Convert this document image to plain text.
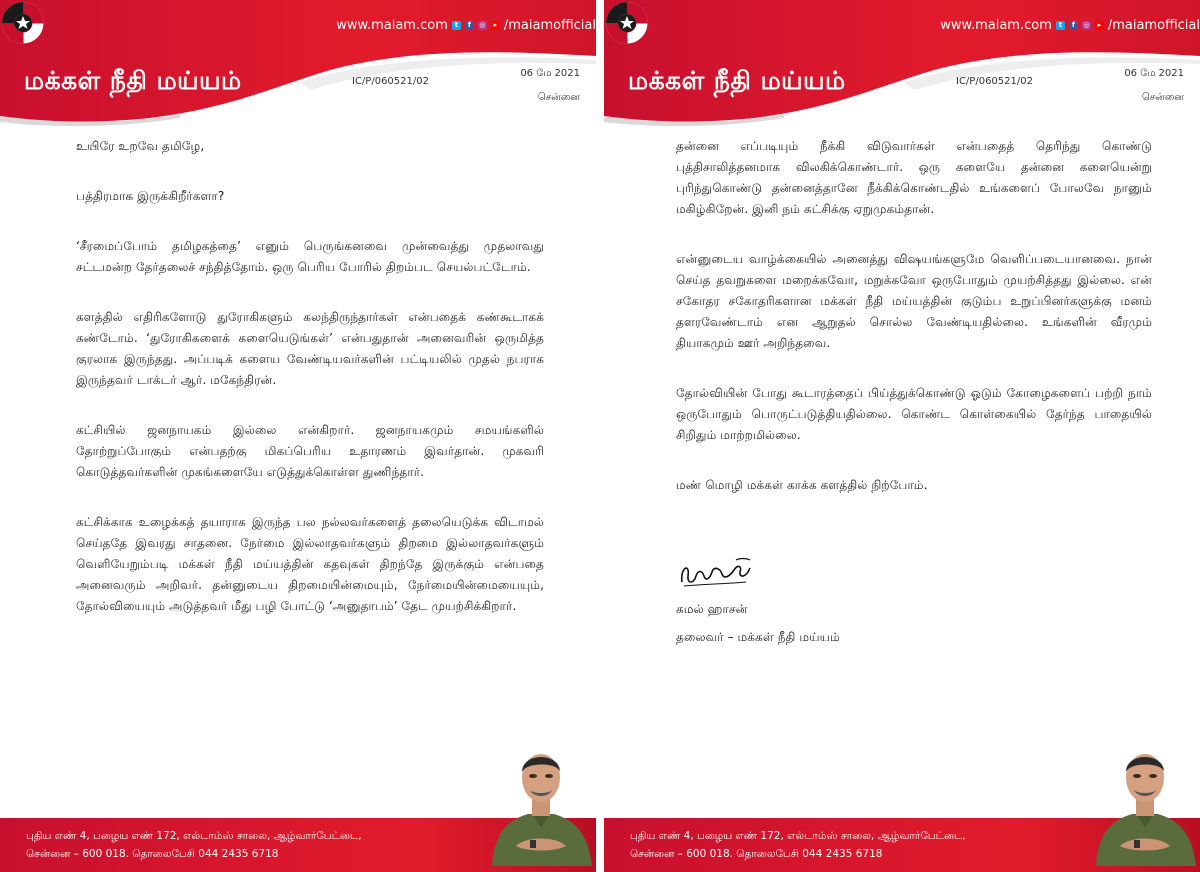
மக்கள் நீதி மய்யம்
www.maiam.com t	f	◎	▸ /maiamofficial
IC/P/060521/02
06 மே 2021
சென்னை

உயிரே உறவே தமிழே,

பத்திரமாக இருக்கிறீர்களா?

‘சீரமைப்போம் தமிழகத்தை’ எனும் பெருங்கனவை முன்வைத்து முதலாவது சட்டமன்ற தேர்தலைச் சந்தித்தோம். ஒரு பெரிய போரில் திறம்பட செயல்பட்டோம்.

களத்தில் எதிரிகளோடு துரோகிகளும் கலந்திருந்தார்கள் என்பதைக் கண்கூடாகக் கண்டோம். ‘துரோகிகளைக் களையெடுங்கள்’ என்பதுதான் அனைவரின் ஒருமித்த குரலாக இருந்தது. அப்படிக் களைய வேண்டியவர்களின் பட்டியலில் முதல் நபராக இருந்தவர் டாக்டர் ஆர். மகேந்திரன்.

கட்சியில் ஜனநாயகம் இல்லை என்கிறார். ஜனநாயகமும் சமயங்களில் தோற்றுப்போகும் என்பதற்கு மிகப்பெரிய உதாரணம் இவர்தான். முகவரி கொடுத்தவர்களின் முகங்களையே எடுத்துக்கொள்ள துணிந்தார்.

கட்சிக்காக உழைக்கத் தயாராக இருந்த பல நல்லவர்களைத் தலையெடுக்க விடாமல் செய்ததே இவரது சாதனை. நேர்மை இல்லாதவர்களும் திறமை இல்லாதவர்களும் வெளியேறும்படி மக்கள் நீதி மய்யத்தின் கதவுகள் திறந்தே இருக்கும் என்பதை அனைவரும் அறிவர். தன்னுடைய திறமையின்மையும், நேர்மையின்மையையும், தோல்வியையும் அடுத்தவர் மீது பழி போட்டு ‘அனுதாபம்’ தேட முயற்சிக்கிறார்.

புதிய எண் 4, பழைய எண் 172, எல்டாம்ஸ் சாலை, ஆழ்வார்பேட்டை,
சென்னை – 600 018. தொலைபேசி 044 2435 6718
மக்கள் நீதி மய்யம்
www.maiam.com t	f	◎	▸ /maiamofficial
IC/P/060521/02
06 மே 2021
சென்னை

தன்னை எப்படியும் நீக்கி விடுவார்கள் என்பதைத் தெரிந்து கொண்டு புத்திசாலித்தனமாக விலகிக்கொண்டார். ஒரு களையே தன்னை களையென்று புரிந்துகொண்டு தன்னைத்தானே நீக்கிக்கொண்டதில் உங்களைப் போலவே நானும் மகிழ்கிறேன். இனி நம் கட்சிக்கு ஏறுமுகம்தான்.

என்னுடைய வாழ்க்கையில் அனைத்து விஷயங்களுமே வெளிப்படையானவை. நான் செய்த தவறுகளை மறைக்கவோ, மறுக்கவோ ஒருபோதும் முயற்சித்தது இல்லை. என் சகோதர சகோதரிகளான மக்கள் நீதி மய்யத்தின் குடும்ப உறுப்பினர்களுக்கு மனம் தளரவேண்டாம் என ஆறுதல் சொல்ல வேண்டியதில்லை. உங்களின் வீரமும் தியாகமும் ஊர் அறிந்தவை.

தோல்வியின் போது கூடாரத்தைப் பிய்த்துக்கொண்டு ஓடும் கோழைகளைப் பற்றி நாம் ஒருபோதும் பொருட்படுத்தியதில்லை. கொண்ட கொள்கையில் தேர்ந்த பாதையில் சிறிதும் மாற்றமில்லை.

மண் மொழி மக்கள் காக்க களத்தில் நிற்போம்.

கமல் ஹாசன்
தலைவர் – மக்கள் நீதி மய்யம்
புதிய எண் 4, பழைய எண் 172, எல்டாம்ஸ் சாலை, ஆழ்வார்பேட்டை,
சென்னை – 600 018. தொலைபேசி 044 2435 6718
